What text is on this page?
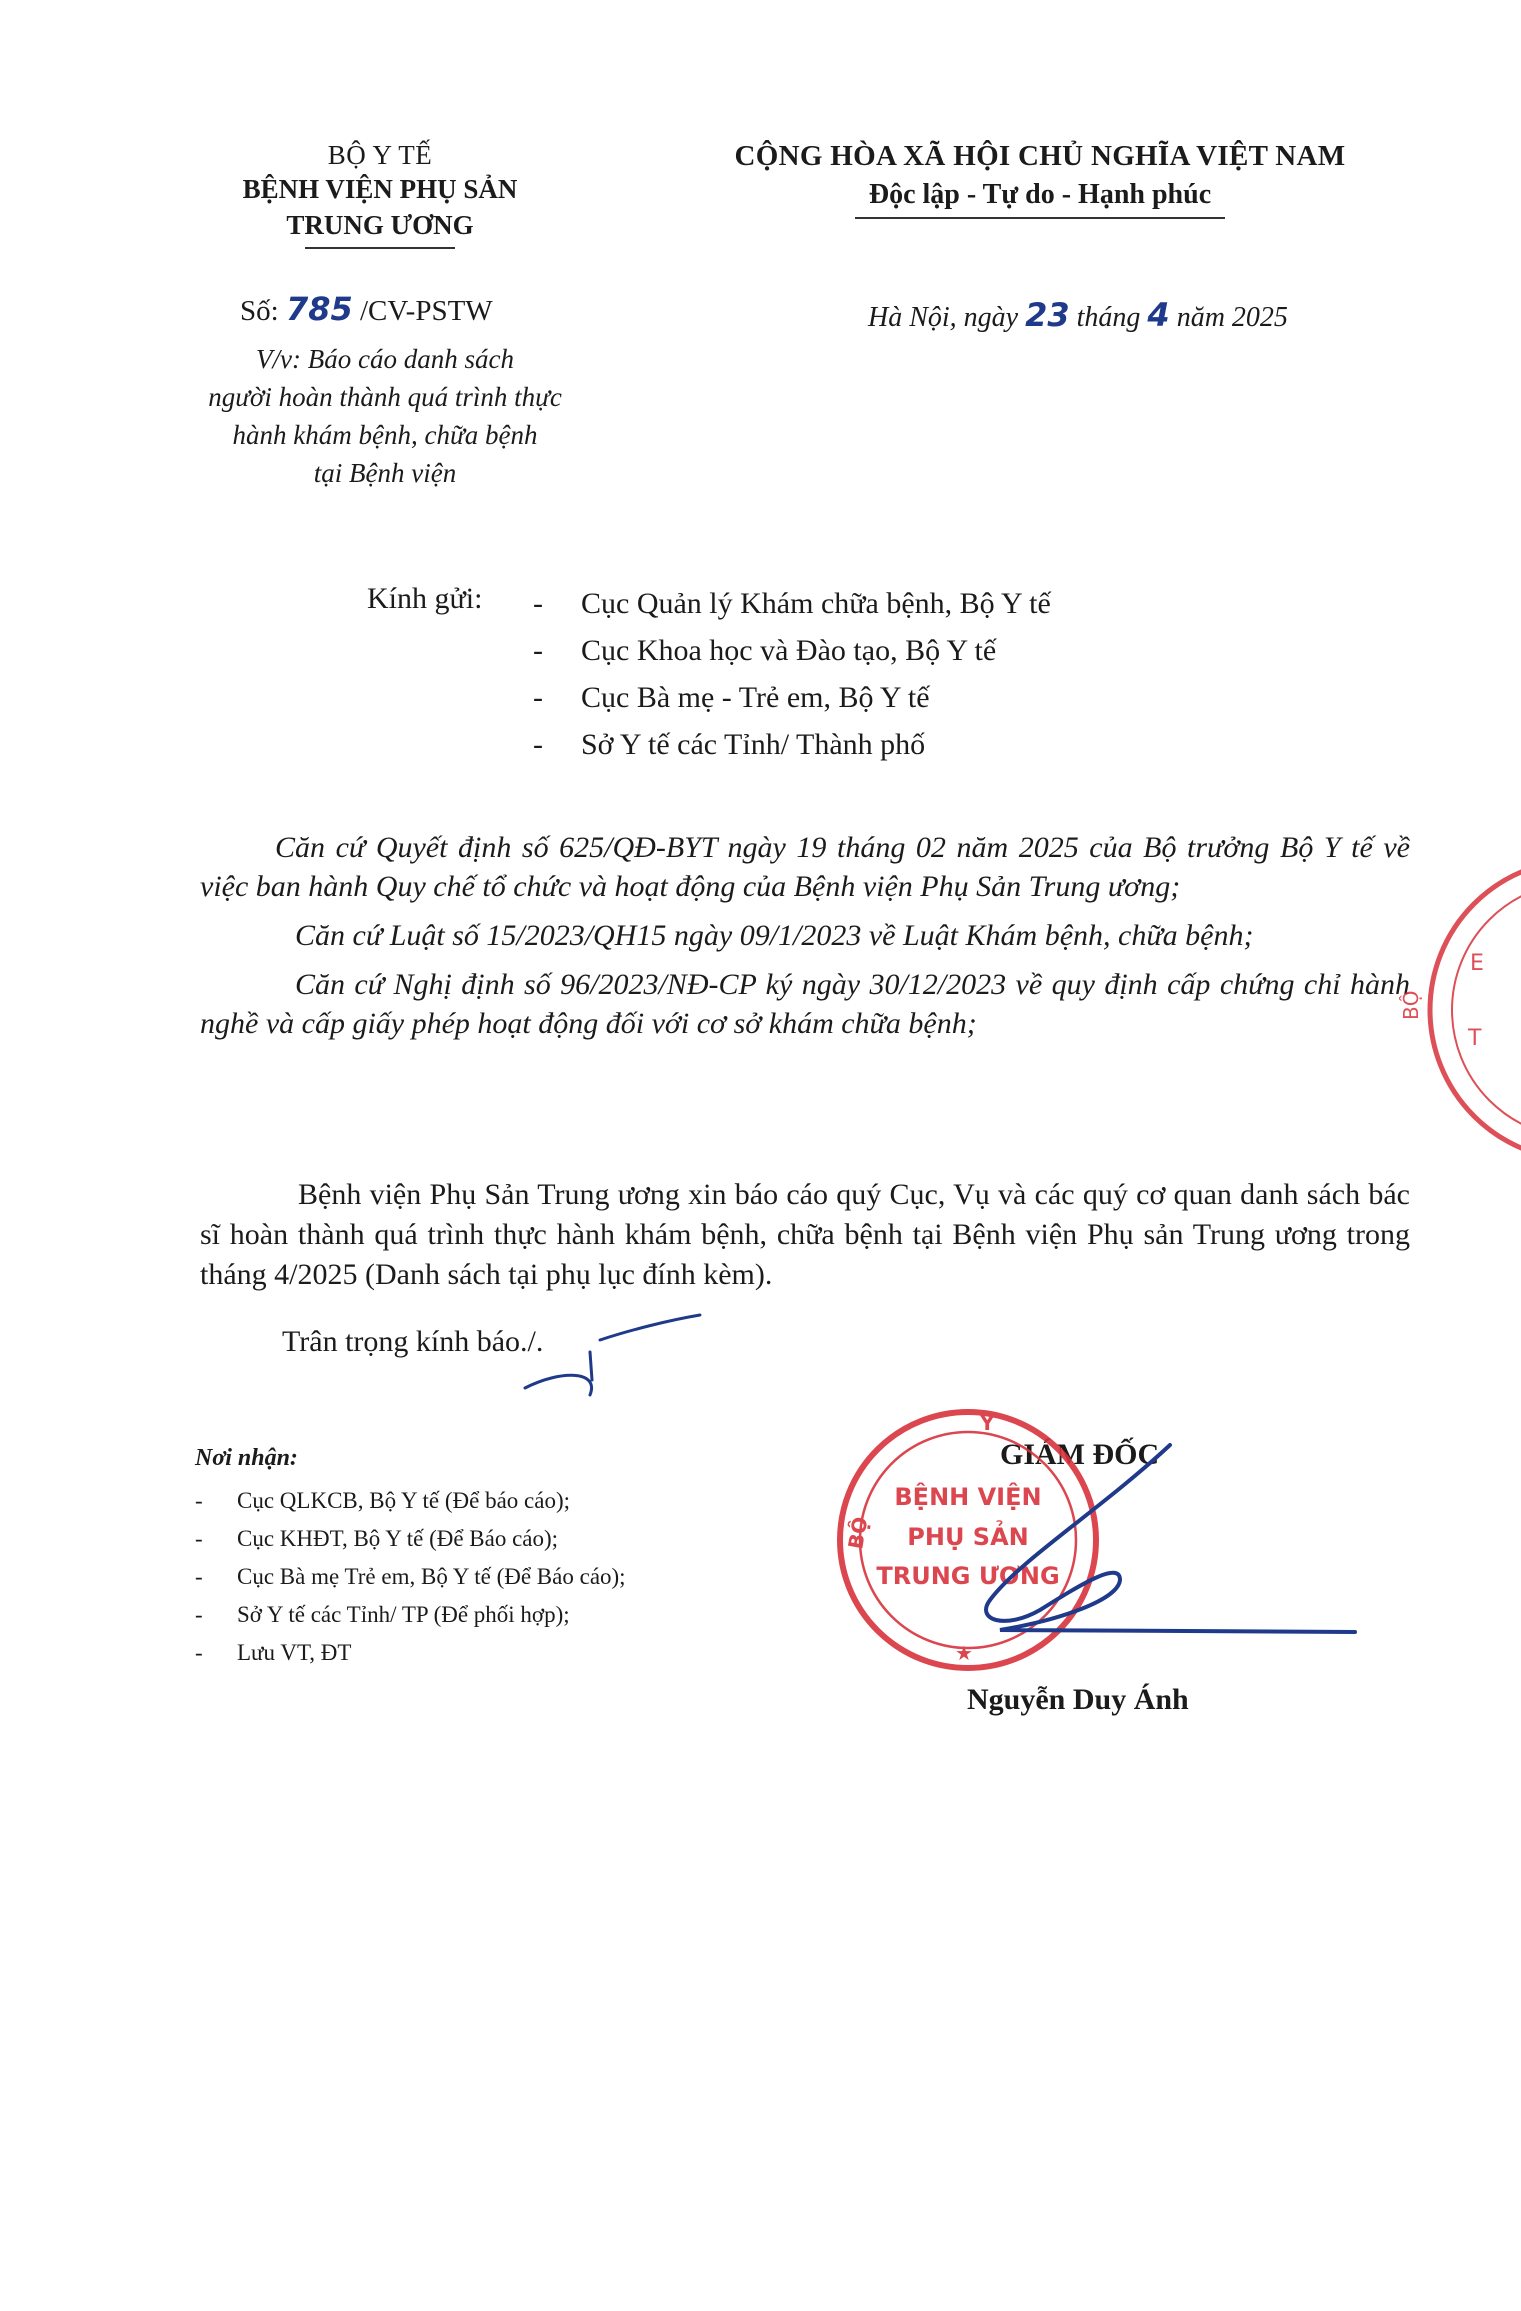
BỘ Y TẾ
BỆNH VIỆN PHỤ SẢN
TRUNG ƯƠNG
CỘNG HÒA XÃ HỘI CHỦ NGHĨA VIỆT NAM
Độc lập - Tự do - Hạnh phúc
Số: 785 /CV-PSTW
V/v: Báo cáo danh sách
người hoàn thành quá trình thực
hành khám bệnh, chữa bệnh
tại Bệnh viện
Hà Nội, ngày 23 tháng 4 năm 2025
Kính gửi: - Cục Quản lý Khám chữa bệnh, Bộ Y tế
- Cục Khoa học và Đào tạo, Bộ Y tế
- Cục Bà mẹ - Trẻ em, Bộ Y tế
- Sở Y tế các Tỉnh/ Thành phố

Căn cứ Quyết định số 625/QĐ-BYT ngày 19 tháng 02 năm 2025 của Bộ trưởng Bộ Y tế về việc ban hành Quy chế tổ chức và hoạt động của Bệnh viện Phụ Sản Trung ương;

Căn cứ Luật số 15/2023/QH15 ngày 09/1/2023 về Luật Khám bệnh, chữa bệnh;

Căn cứ Nghị định số 96/2023/NĐ-CP ký ngày 30/12/2023 về quy định cấp chứng chỉ hành nghề và cấp giấy phép hoạt động đối với cơ sở khám chữa bệnh;

Bệnh viện Phụ Sản Trung ương xin báo cáo quý Cục, Vụ và các quý cơ quan danh sách bác sĩ hoàn thành quá trình thực hành khám bệnh, chữa bệnh tại Bệnh viện Phụ sản Trung ương trong tháng 4/2025 (Danh sách tại phụ lục đính kèm).
Trân trọng kính báo./.
Nơi nhận:
- Cục QLKCB, Bộ Y tế (Để báo cáo);
- Cục KHĐT, Bộ Y tế (Để Báo cáo);
- Cục Bà mẹ Trẻ em, Bộ Y tế (Để Báo cáo);
- Sở Y tế các Tỉnh/ TP (Để phối hợp);
- Lưu VT, ĐT
GIÁM ĐỐC
Nguyễn Duy Ánh
Y
BỘ
BỆNH VIỆN
PHỤ SẢN
TRUNG ƯƠNG
★
E
T
BỘ
